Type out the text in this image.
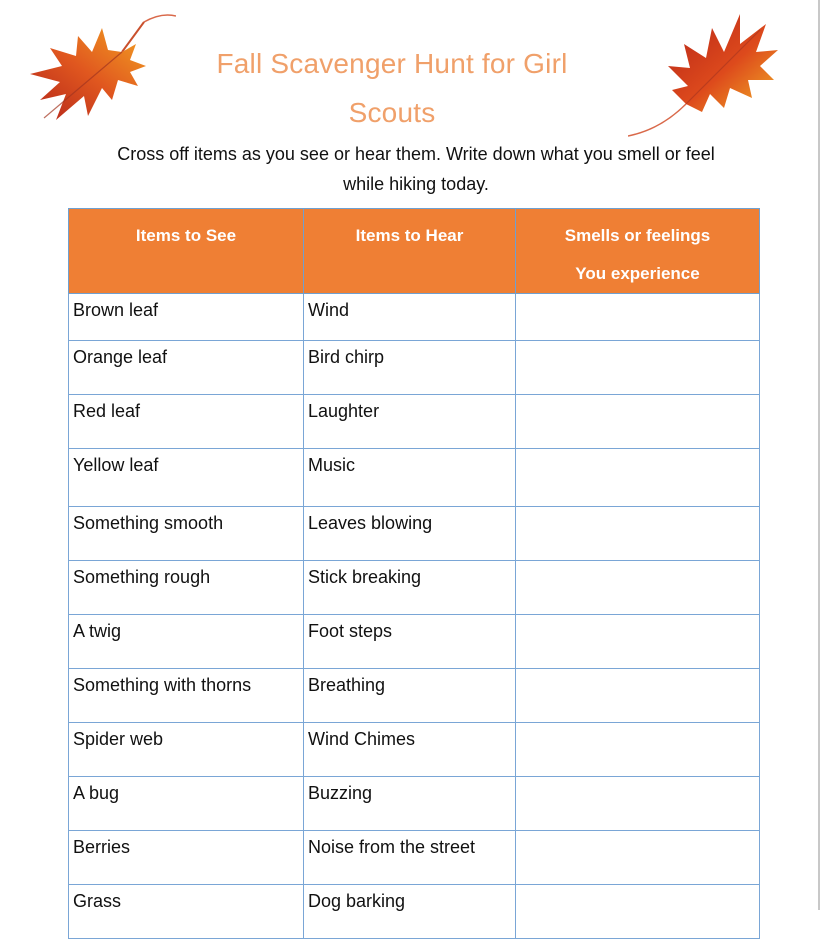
Fall Scavenger Hunt for Girl
Scouts
Cross off items as you see or hear them. Write down what you smell or feel
while hiking today.
Items to See	Items to Hear	Smells or feelings
You experience

Brown leaf	Wind	
Orange leaf	Bird chirp	
Red leaf	Laughter	
Yellow leaf	Music	
Something smooth	Leaves blowing	
Something rough	Stick breaking	
A twig	Foot steps	
Something with thorns	Breathing	
Spider web	Wind Chimes	
A bug	Buzzing	
Berries	Noise from the street	
Grass	Dog barking	
